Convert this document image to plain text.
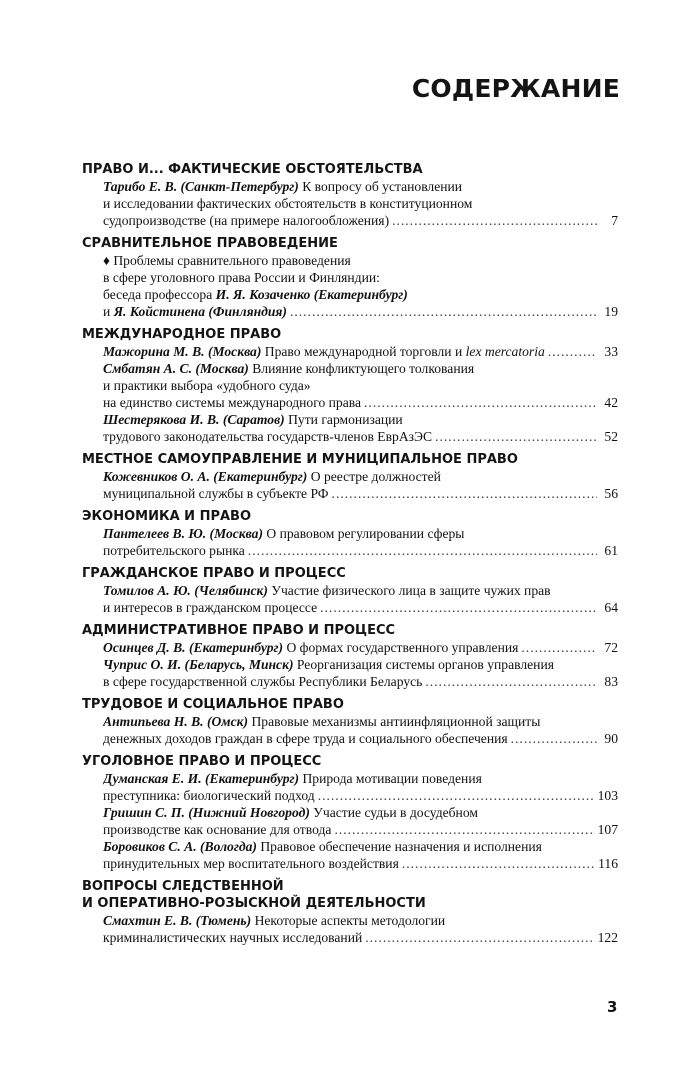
СОДЕРЖАНИЕ
ПРАВО И... ФАКТИЧЕСКИЕ ОБСТОЯТЕЛЬСТВА
Тарибо Е. В. (Санкт-Петербург) К вопросу об установлении
и исследовании фактических обстоятельств в конституционном
судопроизводстве (на примере налогообложения) . . .	7
СРАВНИТЕЛЬНОЕ ПРАВОВЕДЕНИЕ
♦ Проблемы сравнительного правоведения
в сфере уголовного права России и Финляндии:
беседа профессора И. Я. Козаченко (Екатеринбург)
и Я. Койстинена (Финляндия) . . .	19
МЕЖДУНАРОДНОЕ ПРАВО
Мажорина М. В. (Москва) Право международной торговли и lex mercatoria . . .	33
Смбатян А. С. (Москва) Влияние конфликтующего толкования
и практики выбора «удобного суда»
на единство системы международного права . . .	42
Шестерякова И. В. (Саратов) Пути гармонизации
трудового законодательства государств-членов ЕврАзЭС . . .	52
МЕСТНОЕ САМОУПРАВЛЕНИЕ И МУНИЦИПАЛЬНОЕ ПРАВО
Кожевников О. А. (Екатеринбург) О реестре должностей
муниципальной службы в субъекте РФ . . .	56
ЭКОНОМИКА И ПРАВО
Пантелеев В. Ю. (Москва) О правовом регулировании сферы
потребительского рынка . . .	61
ГРАЖДАНСКОЕ ПРАВО И ПРОЦЕСС
Томилов А. Ю. (Челябинск) Участие физического лица в защите чужих прав
и интересов в гражданском процессе . . .	64
АДМИНИСТРАТИВНОЕ ПРАВО И ПРОЦЕСС
Осинцев Д. В. (Екатеринбург) О формах государственного управления . . .	72
Чуприс О. И. (Беларусь, Минск) Реорганизация системы органов управления
в сфере государственной службы Республики Беларусь . . .	83
ТРУДОВОЕ И СОЦИАЛЬНОЕ ПРАВО
Антипьева Н. В. (Омск) Правовые механизмы антиинфляционной защиты
денежных доходов граждан в сфере труда и социального обеспечения . . .	90
УГОЛОВНОЕ ПРАВО И ПРОЦЕСС
Думанская Е. И. (Екатеринбург) Природа мотивации поведения
преступника: биологический подход . . .	103
Гришин С. П. (Нижний Новгород) Участие судьи в досудебном
производстве как основание для отвода . . .	107
Боровиков С. А. (Вологда) Правовое обеспечение назначения и исполнения
принудительных мер воспитательного воздействия . . .	116
ВОПРОСЫ СЛЕДСТВЕННОЙ
И ОПЕРАТИВНО-РОЗЫСКНОЙ ДЕЯТЕЛЬНОСТИ
Смахтин Е. В. (Тюмень) Некоторые аспекты методологии
криминалистических научных исследований . . .	122
3
